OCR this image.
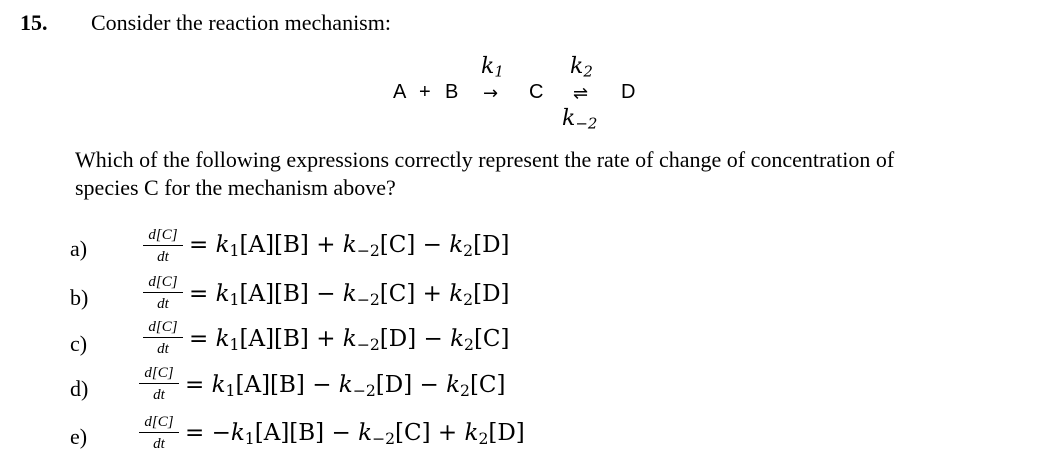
15. Consider the reaction mechanism:
$k_1$	$k_2$
A + B → C ⇌ D
$k_{-2}$
Which of the following expressions correctly represent the rate of change of concentration of
species C for the mechanism above?
a)
d[C]
dt = $k_1[A][B] + k_{-2}[C] - k_2[D]$
b)
d[C]
dt = $k_1[A][B] - k_{-2}[C] + k_2[D]$
c)
d[C]
dt = $k_1[A][B] + k_{-2}[D] - k_2[C]$
d)
d[C]
dt = $k_1[A][B] - k_{-2}[D] - k_2[C]$
e)
d[C]
dt = $-k_1[A][B] - k_{-2}[C] + k_2[D]$
